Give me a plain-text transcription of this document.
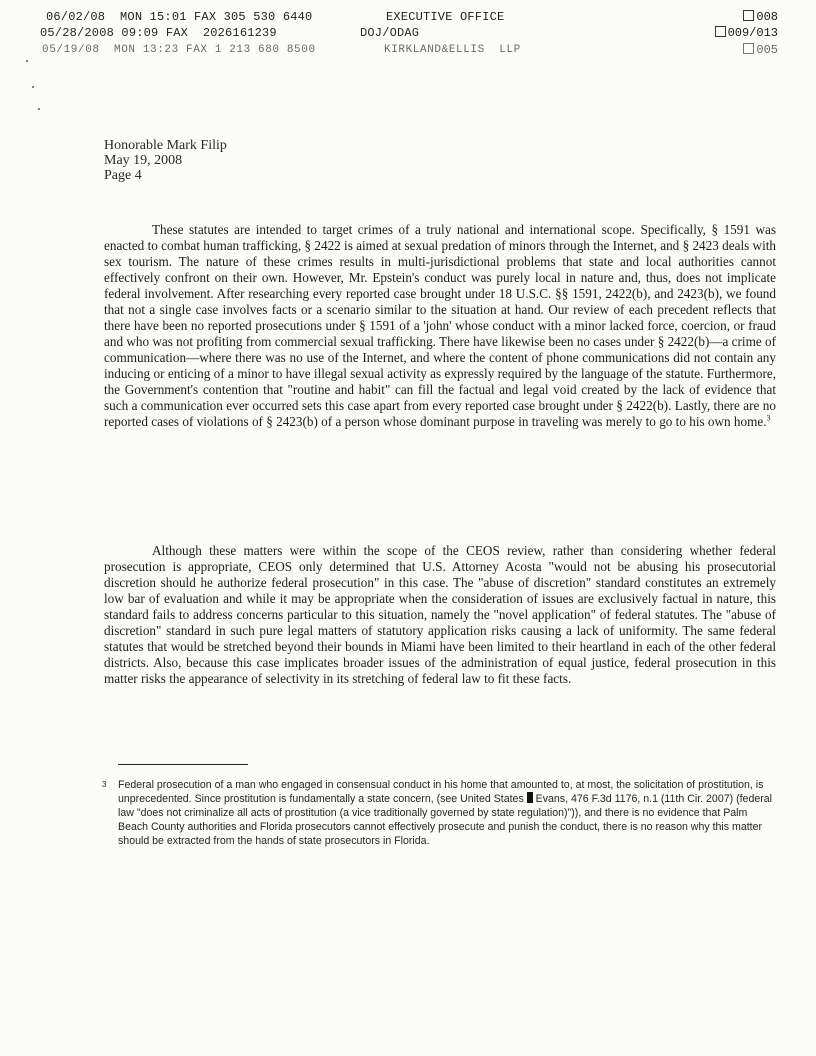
06/02/08  MON 15:01 FAX 305 530 6440	EXECUTIVE OFFICE	008
05/28/2008 09:09 FAX  2026161239	DOJ/ODAG	009/013
05/19/08  MON 13:23 FAX 1 213 680 8500	KIRKLAND&ELLIS  LLP	005
Honorable Mark Filip
May 19, 2008
Page 4

These statutes are intended to target crimes of a truly national and international scope. Specifically, § 1591 was enacted to combat human trafficking, § 2422 is aimed at sexual predation of minors through the Internet, and § 2423 deals with sex tourism. The nature of these crimes results in multi-jurisdictional problems that state and local authorities cannot effectively confront on their own. However, Mr. Epstein's conduct was purely local in nature and, thus, does not implicate federal involvement. After researching every reported case brought under 18 U.S.C. §§ 1591, 2422(b), and 2423(b), we found that not a single case involves facts or a scenario similar to the situation at hand. Our review of each precedent reflects that there have been no reported prosecutions under § 1591 of a 'john' whose conduct with a minor lacked force, coercion, or fraud and who was not profiting from commercial sexual trafficking. There have likewise been no cases under § 2422(b)—a crime of communication—where there was no use of the Internet, and where the content of phone communications did not contain any inducing or enticing of a minor to have illegal sexual activity as expressly required by the language of the statute. Furthermore, the Government's contention that "routine and habit" can fill the factual and legal void created by the lack of evidence that such a communication ever occurred sets this case apart from every reported case brought under § 2422(b). Lastly, there are no reported cases of violations of § 2423(b) of a person whose dominant purpose in traveling was merely to go to his own home.$^3$

Although these matters were within the scope of the CEOS review, rather than considering whether federal prosecution is appropriate, CEOS only determined that U.S. Attorney Acosta "would not be abusing his prosecutorial discretion should he authorize federal prosecution" in this case. The "abuse of discretion" standard constitutes an extremely low bar of evaluation and while it may be appropriate when the consideration of issues are exclusively factual in nature, this standard fails to address concerns particular to this situation, namely the "novel application" of federal statutes. The "abuse of discretion" standard in such pure legal matters of statutory application risks causing a lack of uniformity. The same federal statutes that would be stretched beyond their bounds in Miami have been limited to their heartland in each of the other federal districts. Also, because this case implicates broader issues of the administration of equal justice, federal prosecution in this matter risks the appearance of selectivity in its stretching of federal law to fit these facts.

3 Federal prosecution of a man who engaged in consensual conduct in his home that amounted to, at most, the solicitation of prostitution, is unprecedented. Since prostitution is fundamentally a state concern, (see United States Evans, 476 F.3d 1176, n.1 (11th Cir. 2007) (federal law "does not criminalize all acts of prostitution (a vice traditionally governed by state regulation)")), and there is no evidence that Palm Beach County authorities and Florida prosecutors cannot effectively prosecute and punish the conduct, there is no reason why this matter should be extracted from the hands of state prosecutors in Florida.
